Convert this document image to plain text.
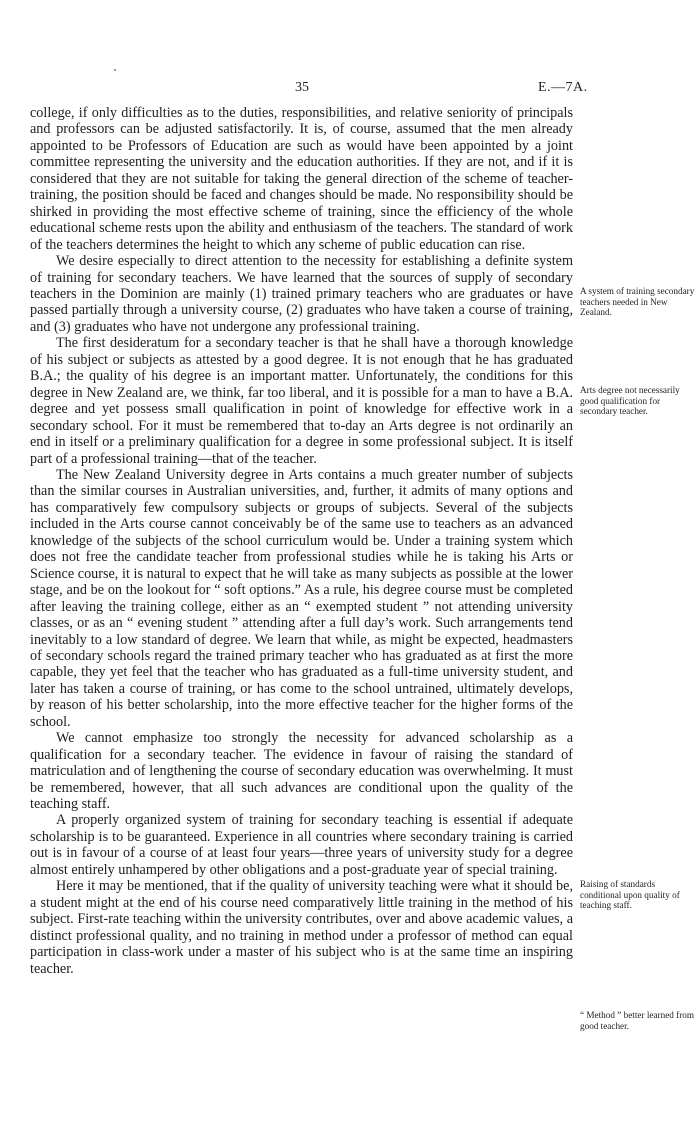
35	E.—7A.

college, if only difficulties as to the duties, responsibilities, and relative seniority of principals and professors can be adjusted satisfactorily. It is, of course, assumed that the men already appointed to be Professors of Education are such as would have been appointed by a joint committee representing the university and the education authorities. If they are not, and if it is considered that they are not suitable for taking the general direction of the scheme of teacher-training, the position should be faced and changes should be made. No responsibility should be shirked in providing the most effective scheme of training, since the efficiency of the whole educational scheme rests upon the ability and enthusiasm of the teachers. The standard of work of the teachers determines the height to which any scheme of public education can rise.

We desire especially to direct attention to the necessity for establishing a definite system of training for secondary teachers. We have learned that the sources of supply of secondary teachers in the Dominion are mainly (1) trained primary teachers who are graduates or have passed partially through a university course, (2) graduates who have taken a course of training, and (3) graduates who have not undergone any professional training.

The first desideratum for a secondary teacher is that he shall have a thorough knowledge of his subject or subjects as attested by a good degree. It is not enough that he has graduated B.A.; the quality of his degree is an important matter. Unfortunately, the conditions for this degree in New Zealand are, we think, far too liberal, and it is possible for a man to have a B.A. degree and yet possess small qualification in point of knowledge for effective work in a secondary school. For it must be remembered that to-day an Arts degree is not ordinarily an end in itself or a preliminary qualification for a degree in some professional subject. It is itself part of a professional training—that of the teacher.

The New Zealand University degree in Arts contains a much greater number of subjects than the similar courses in Australian universities, and, further, it admits of many options and has comparatively few compulsory subjects or groups of subjects. Several of the subjects included in the Arts course cannot conceivably be of the same use to teachers as an advanced knowledge of the subjects of the school curriculum would be. Under a training system which does not free the candidate teacher from professional studies while he is taking his Arts or Science course, it is natural to expect that he will take as many subjects as possible at the lower stage, and be on the lookout for “ soft options.” As a rule, his degree course must be completed after leaving the training college, either as an “ exempted student ” not attending university classes, or as an “ evening student ” attending after a full day’s work. Such arrangements tend inevitably to a low standard of degree. We learn that while, as might be expected, headmasters of secondary schools regard the trained primary teacher who has graduated as at first the more capable, they yet feel that the teacher who has graduated as a full-time university student, and later has taken a course of training, or has come to the school untrained, ultimately develops, by reason of his better scholarship, into the more effective teacher for the higher forms of the school.

We cannot emphasize too strongly the necessity for advanced scholarship as a qualification for a secondary teacher. The evidence in favour of raising the standard of matriculation and of lengthening the course of secondary education was overwhelming. It must be remembered, however, that all such advances are conditional upon the quality of the teaching staff.

A properly organized system of training for secondary teaching is essential if adequate scholarship is to be guaranteed. Experience in all countries where secondary training is carried out is in favour of a course of at least four years—three years of university study for a degree almost entirely unhampered by other obligations and a post-graduate year of special training.

Here it may be mentioned, that if the quality of university teaching were what it should be, a student might at the end of his course need comparatively little training in the method of his subject. First-rate teaching within the university contributes, over and above academic values, a distinct professional quality, and no training in method under a professor of method can equal participation in class-work under a master of his subject who is at the same time an inspiring teacher.

A system of training secondary teachers needed in New Zealand.
Arts degree not necessarily good qualification for secondary teacher.
Raising of standards conditional upon quality of teaching staff.
“ Method ” better learned from good teacher.
